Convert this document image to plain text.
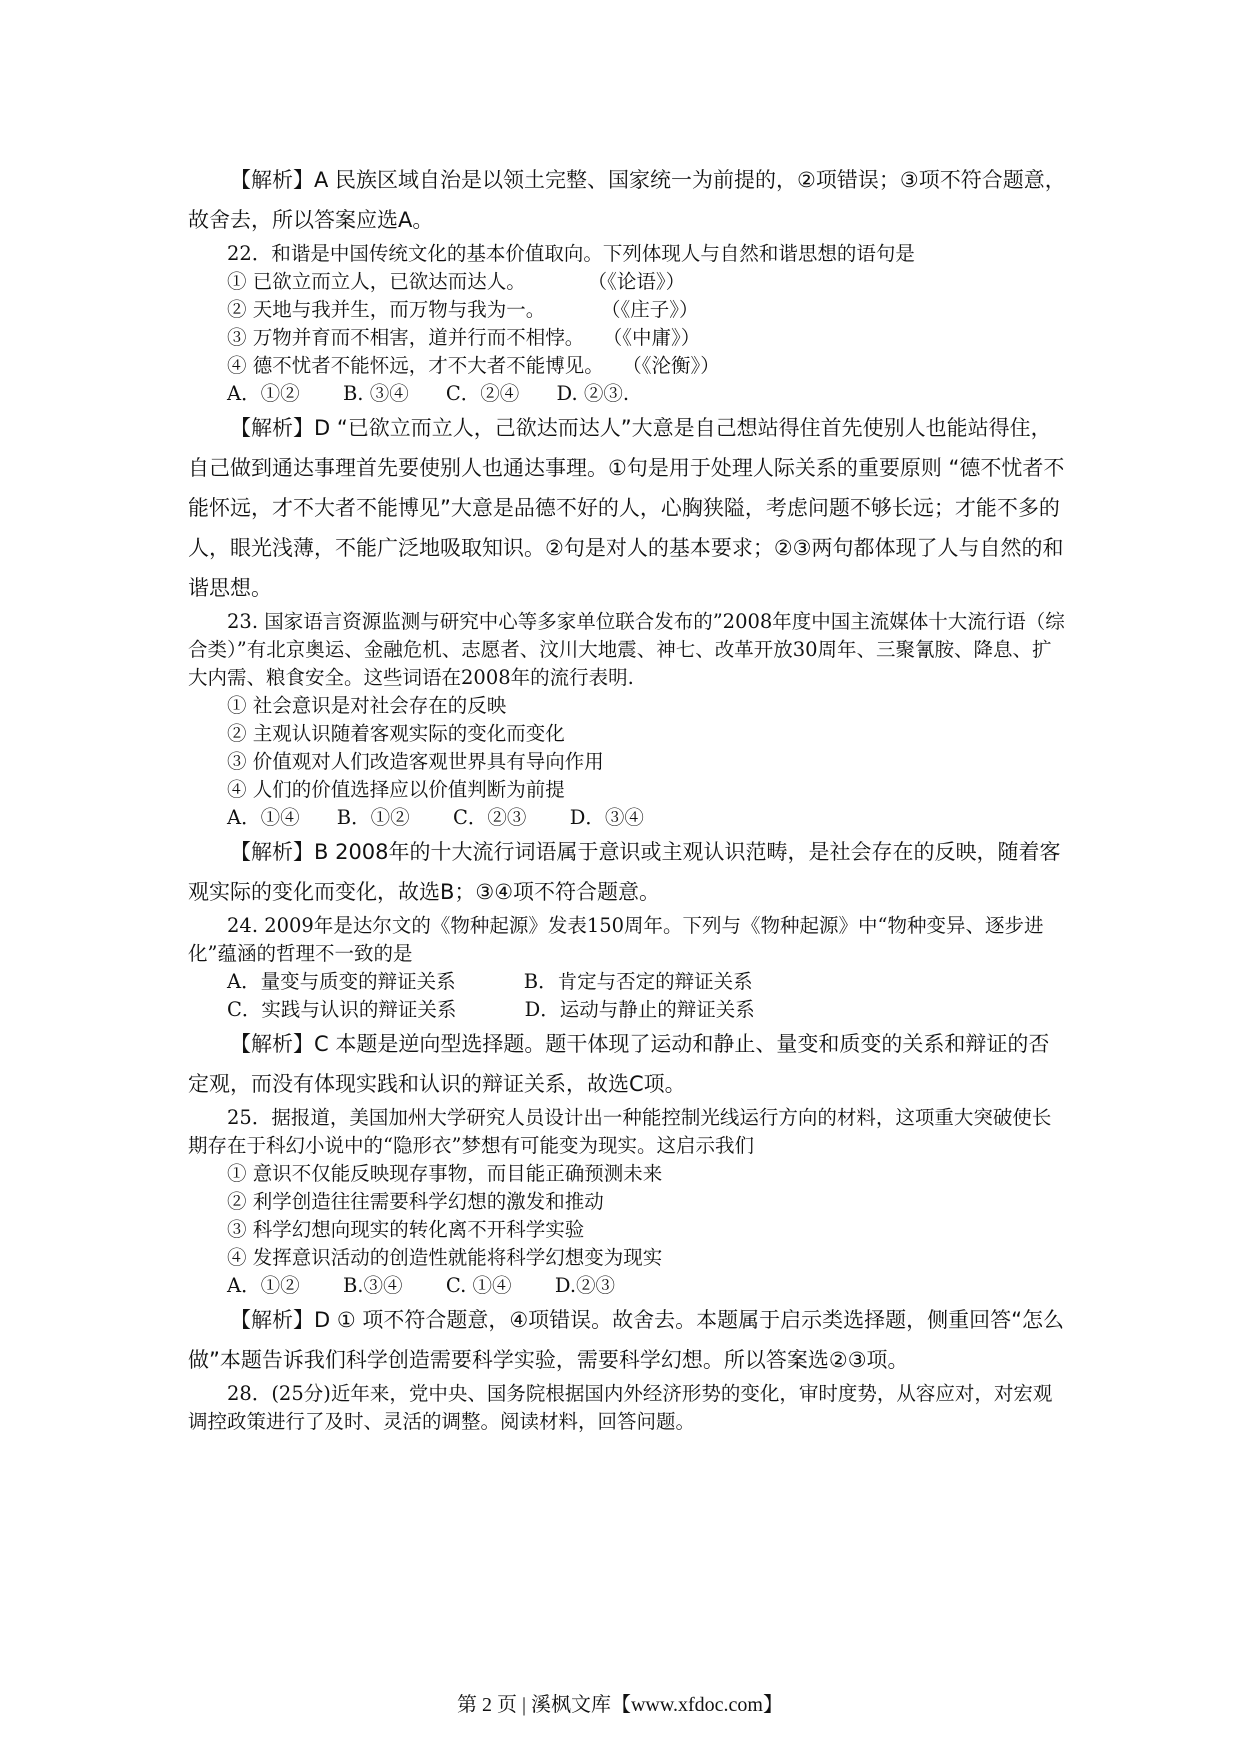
【解析】A 民族区域自治是以领土完整、国家统一为前提的，②项错误；③项不符合题意，故舍去，所以答案应选A。

22．和谐是中国传统文化的基本价值取向。下列体现人与自然和谐思想的语句是

① 已欲立而立人，已欲达而达人。          （《论语》）

② 天地与我并生，而万物与我为一。         （《庄子》）

③ 万物并育而不相害，道并行而不相悖。   （《中庸》）

④ 德不忧者不能怀远，才不大者不能博见。   （《沦衡》）

A．①②       B. ③④      C．②④      D. ②③.

【解析】D “已欲立而立人，己欲达而达人”大意是自己想站得住首先使别人也能站得住，自己做到通达事理首先要使别人也通达事理。①句是用于处理人际关系的重要原则 “德不忧者不能怀远，才不大者不能博见”大意是品德不好的人，心胸狭隘，考虑问题不够长远；才能不多的人，眼光浅薄，不能广泛地吸取知识。②句是对人的基本要求；②③两句都体现了人与自然的和谐思想。

23. 国家语言资源监测与研究中心等多家单位联合发布的”2008年度中国主流媒体十大流行语（综合类）”有北京奥运、金融危机、志愿者、汶川大地震、神七、改革开放30周年、三聚氰胺、降息、扩大内需、粮食安全。这些词语在2008年的流行表明.

① 社会意识是对社会存在的反映

② 主观认识随着客观实际的变化而变化

③ 价值观对人们改造客观世界具有导向作用

④ 人们的价值选择应以价值判断为前提

A．①④      B．①②       C．②③       D．③④

【解析】B 2008年的十大流行词语属于意识或主观认识范畴，是社会存在的反映，随着客观实际的变化而变化，故选B；③④项不符合题意。

24. 2009年是达尔文的《物种起源》发表150周年。下列与《物种起源》中“物种变异、逐步进化”蕴涵的哲理不一致的是

A．量变与质变的辩证关系           B．肯定与否定的辩证关系

C．实践与认识的辩证关系           D．运动与静止的辩证关系

【解析】C 本题是逆向型选择题。题干体现了运动和静止、量变和质变的关系和辩证的否定观，而没有体现实践和认识的辩证关系，故选C项。

25．据报道，美国加州大学研究人员设计出一种能控制光线运行方向的材料，这项重大突破使长期存在于科幻小说中的“隐形衣”梦想有可能变为现实。这启示我们

① 意识不仅能反映现存事物，而目能正确预测未来

② 利学创造往往需要科学幻想的激发和推动

③ 科学幻想向现实的转化离不开科学实验

④ 发挥意识活动的创造性就能将科学幻想变为现实

A．①②       B.③④       C. ①④       D.②③

【解析】D ① 项不符合题意，④项错误。故舍去。本题属于启示类选择题，侧重回答“怎么做”本题告诉我们科学创造需要科学实验，需要科学幻想。所以答案选②③项。

28．(25分)近年来，党中央、国务院根据国内外经济形势的变化，审时度势，从容应对，对宏观调控政策进行了及时、灵活的调整。阅读材料，回答问题。

第 2 页 | 溪枫文库【www.xfdoc.com】
